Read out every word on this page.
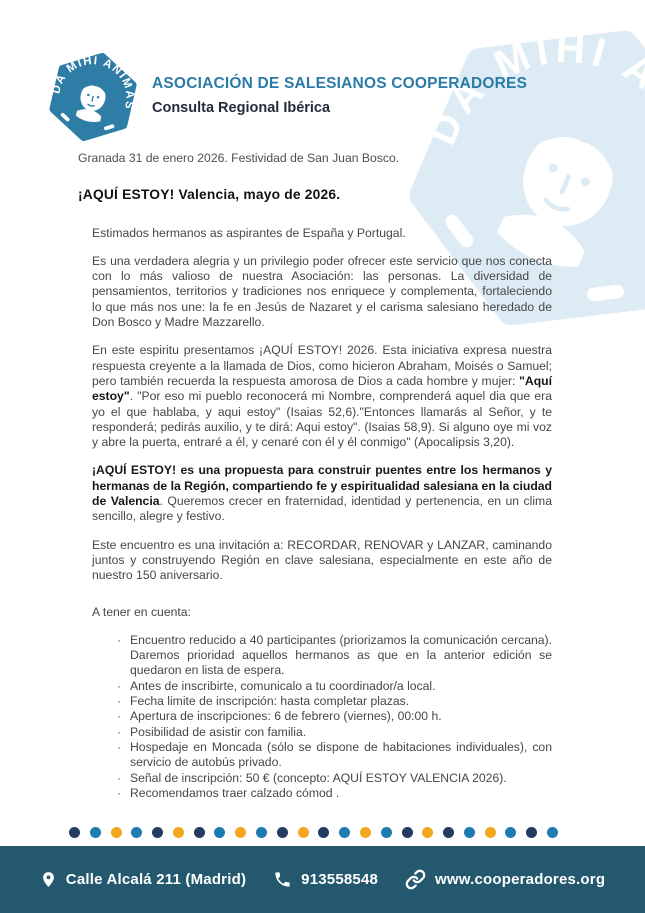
ASOCIACIÓN DE SALESIANOS COOPERADORES
Consulta Regional Ibérica
Granada 31 de enero 2026. Festividad de San Juan Bosco.
¡AQUÍ ESTOY! Valencia, mayo de 2026.
Estimados hermanos as aspirantes de España y Portugal.

Es una verdadera alegria y un privilegio poder ofrecer este servicio que nos conecta con lo más valioso de nuestra Asociación: las personas. La diversidad de pensamientos, territorios y tradiciones nos enriquece y complementa, fortaleciendo lo que más nos une: la fe en Jesús de Nazaret y el carisma salesiano heredado de Don Bosco y Madre Mazzarello.

En este espiritu presentamos ¡AQUÍ ESTOY! 2026. Esta iniciativa expresa nuestra respuesta creyente a la llamada de Dios, como hicieron Abraham, Moisés o Samuel; pero también recuerda la respuesta amorosa de Dios a cada hombre y mujer: "Aquí estoy". "Por eso mi pueblo reconocerá mi Nombre, comprenderá aquel dia que era yo el que hablaba, y aqui estoy" (Isaias 52,6)."Entonces llamarás al Señor, y te responderá; pedirás auxilio, y te dirá: Aqui estoy". (Isaias 58,9). Si alguno oye mi voz y abre la puerta, entraré a él, y cenaré con él y él conmigo" (Apocalipsis 3,20).

¡AQUÍ ESTOY! es una propuesta para construir puentes entre los hermanos y hermanas de la Región, compartiendo fe y espiritualidad salesiana en la ciudad de Valencia. Queremos crecer en fraternidad, identidad y pertenencia, en un clima sencillo, alegre y festivo.

Este encuentro es una invitación a: RECORDAR, RENOVAR y LANZAR, caminando juntos y construyendo Región en clave salesiana, especialmente en este año de nuestro 150 aniversario.

A tener en cuenta:
· Encuentro reducido a 40 participantes (priorizamos la comunicación cercana). Daremos prioridad aquellos hermanos as que en la anterior edición se quedaron en lista de espera.
· Antes de inscribirte, comunicalo a tu coordinador/a local.
· Fecha limite de inscripción: hasta completar plazas.
· Apertura de inscripciones: 6 de febrero (viernes), 00:00 h.
· Posibilidad de asistir con familia.
· Hospedaje en Moncada (sólo se dispone de habitaciones individuales), con servicio de autobús privado.
· Señal de inscripción: 50 € (concepto: AQUÍ ESTOY VALENCIA 2026).
· Recomendamos traer calzado cómod .
Calle Alcalá 211 (Madrid)	913558548	www.cooperadores.org
